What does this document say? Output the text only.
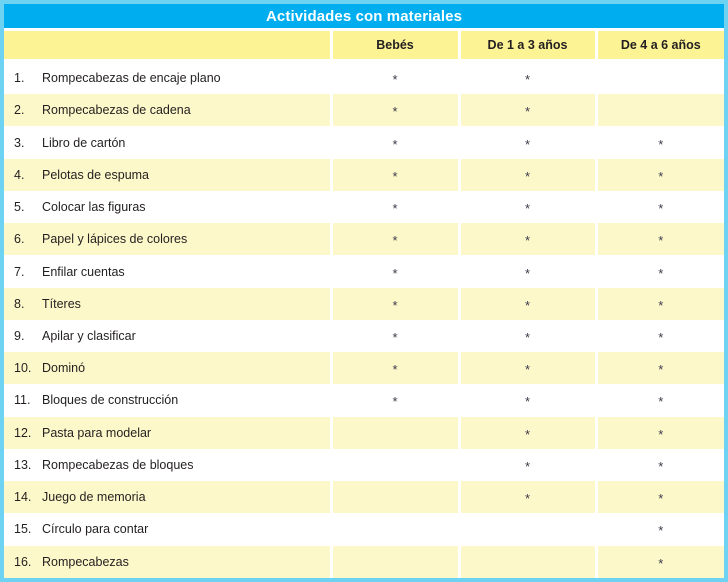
Actividades con materiales			
	Bebés	De 1 a 3 años	De 4 a 6 años
1. Rompecabezas de encaje plano	*	*	
2. Rompecabezas de cadena	*	*	
3. Libro de cartón	*	*	*
4. Pelotas de espuma	*	*	*
5. Colocar las figuras	*	*	*
6. Papel y lápices de colores	*	*	*
7. Enfilar cuentas	*	*	*
8. Títeres	*	*	*
9. Apilar y clasificar	*	*	*
10. Dominó	*	*	*
11. Bloques de construcción	*	*	*
12. Pasta para modelar		*	*
13. Rompecabezas de bloques		*	*
14. Juego de memoria		*	*
15. Círculo para contar			*
16. Rompecabezas			*
